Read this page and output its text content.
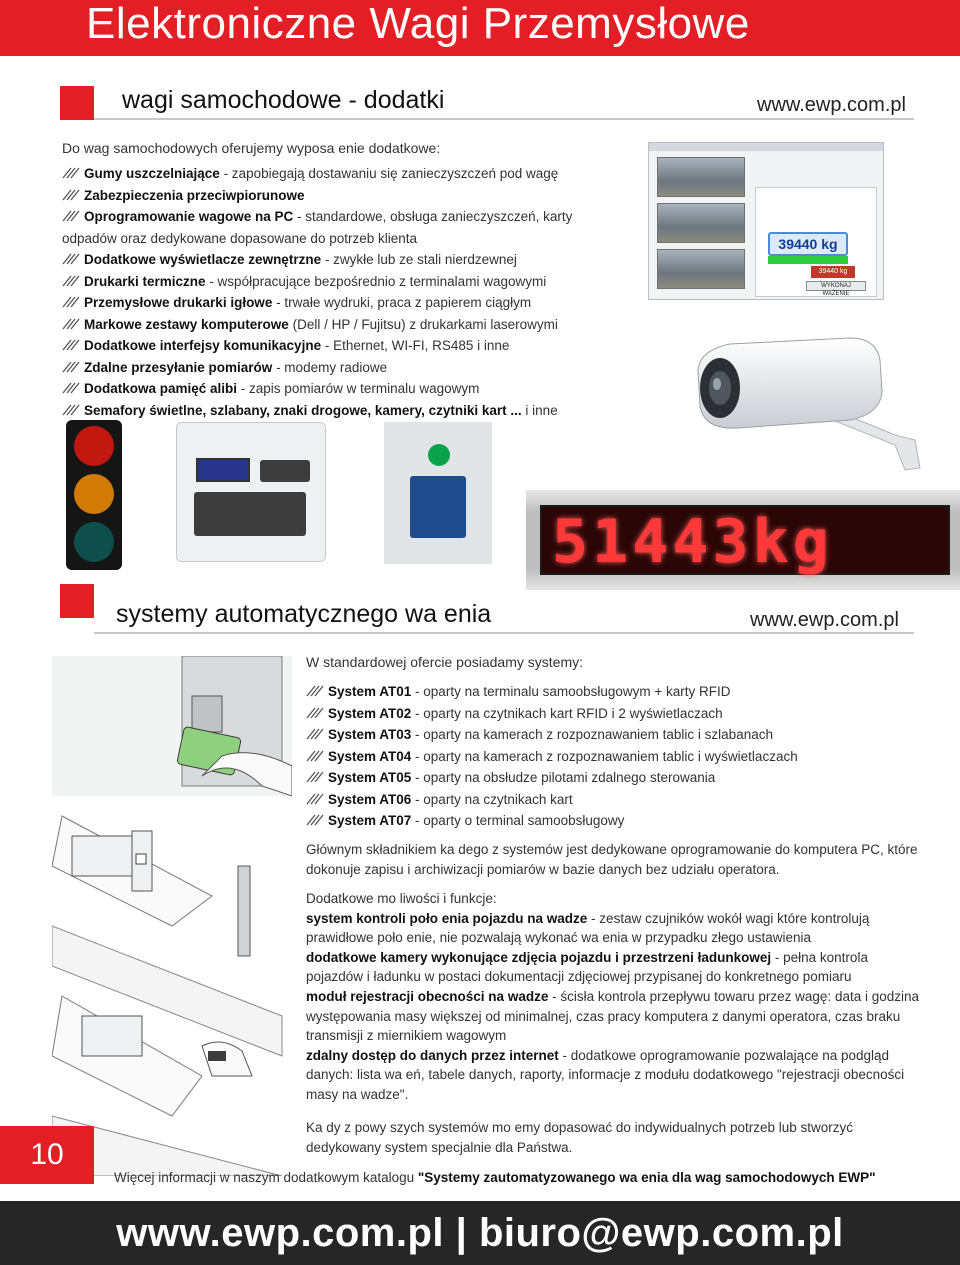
Elektroniczne Wagi Przemysłowe
wagi samochodowe - dodatki	www.ewp.com.pl
Do wag samochodowych oferujemy wyposa enie dodatkowe:
Gumy uszczelniające - zapobiegają dostawaniu się zanieczyszczeń pod wagę
Zabezpieczenia przeciwpiorunowe
Oprogramowanie wagowe na PC - standardowe, obsługa zanieczyszczeń, karty odpadów oraz dedykowane dopasowane do potrzeb klienta
Dodatkowe wyświetlacze zewnętrzne - zwykłe lub ze stali nierdzewnej
Drukarki termiczne - współpracujące bezpośrednio z terminalami wagowymi
Przemysłowe drukarki igłowe - trwałe wydruki, praca z papierem ciągłym
Markowe zestawy komputerowe (Dell / HP / Fujitsu) z drukarkami laserowymi
Dodatkowe interfejsy komunikacyjne - Ethernet, WI-FI, RS485 i inne
Zdalne przesyłanie pomiarów - modemy radiowe
Dodatkowa pamięć alibi - zapis pomiarów w terminalu wagowym
Semafory świetlne, szlabany, znaki drogowe, kamery, czytniki kart ... i inne
39440 kg
39440 kg
WYKONAJ WAŻENIE
51443kg
systemy automatycznego wa enia	www.ewp.com.pl
W standardowej ofercie posiadamy systemy:
System AT01 - oparty na terminalu samoobsługowym + karty RFID
System AT02 - oparty na czytnikach kart RFID i 2 wyświetlaczach
System AT03 - oparty na kamerach z rozpoznawaniem tablic i szlabanach
System AT04 - oparty na kamerach z rozpoznawaniem tablic i wyświetlaczach
System AT05 - oparty na obsłudze pilotami zdalnego sterowania
System AT06 - oparty na czytnikach kart
System AT07 - oparty o terminal samoobsługowy
Głównym składnikiem ka dego z systemów jest dedykowane oprogramowanie do komputera PC, które dokonuje zapisu i archiwizacji pomiarów w bazie danych bez udziału operatora.
Dodatkowe mo liwości i funkcje:
system kontroli poło enia pojazdu na wadze - zestaw czujników wokół wagi które kontrolują prawidłowe poło enie, nie pozwalają wykonać wa enia w przypadku złego ustawienia
dodatkowe kamery wykonujące zdjęcia pojazdu i przestrzeni ładunkowej - pełna kontrola pojazdów i ładunku w postaci dokumentacji zdjęciowej przypisanej do konkretnego pomiaru
moduł rejestracji obecności na wadze - ścisła kontrola przepływu towaru przez wagę: data i godzina występowania masy większej od minimalnej, czas pracy komputera z danymi operatora, czas braku transmisji z miernikiem wagowym
zdalny dostęp do danych przez internet - dodatkowe oprogramowanie pozwalające na podgląd danych: lista wa eń, tabele danych, raporty, informacje z modułu dodatkowego "rejestracji obecności masy na wadze".
Ka dy z powy szych systemów mo emy dopasować do indywidualnych potrzeb lub stworzyć dedykowany system specjalnie dla Państwa.
10
Więcej informacji w naszym dodatkowym katalogu "Systemy zautomatyzowanego wa enia dla wag samochodowych EWP"
www.ewp.com.pl | biuro@ewp.com.pl
